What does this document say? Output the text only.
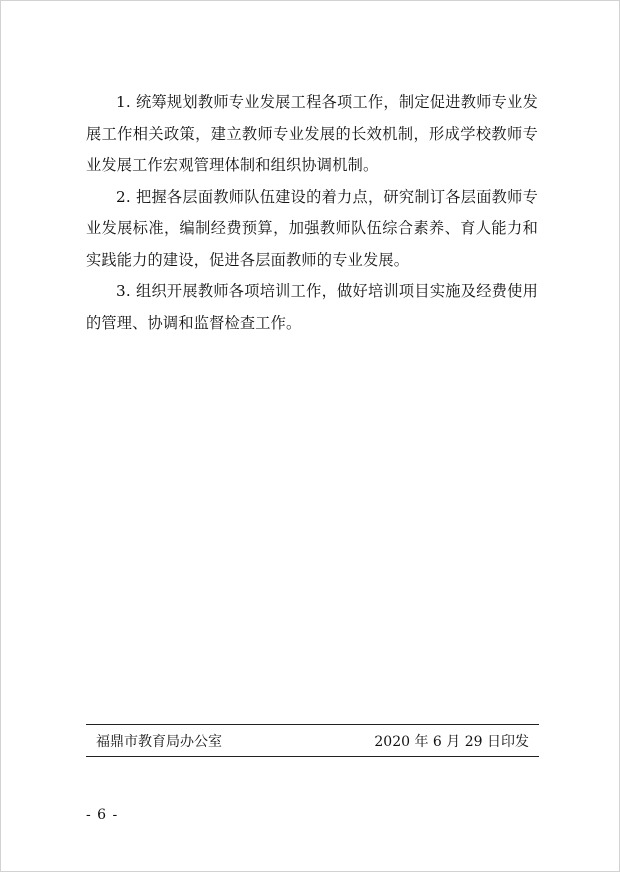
1. 统筹规划教师专业发展工程各项工作，制定促进教师专业发展工作相关政策，建立教师专业发展的长效机制，形成学校教师专业发展工作宏观管理体制和组织协调机制。

2. 把握各层面教师队伍建设的着力点，研究制订各层面教师专业发展标准，编制经费预算，加强教师队伍综合素养、育人能力和实践能力的建设，促进各层面教师的专业发展。

3. 组织开展教师各项培训工作，做好培训项目实施及经费使用的管理、协调和监督检查工作。

福鼎市教育局办公室	2020 年 6 月 29 日印发
- 6 -
